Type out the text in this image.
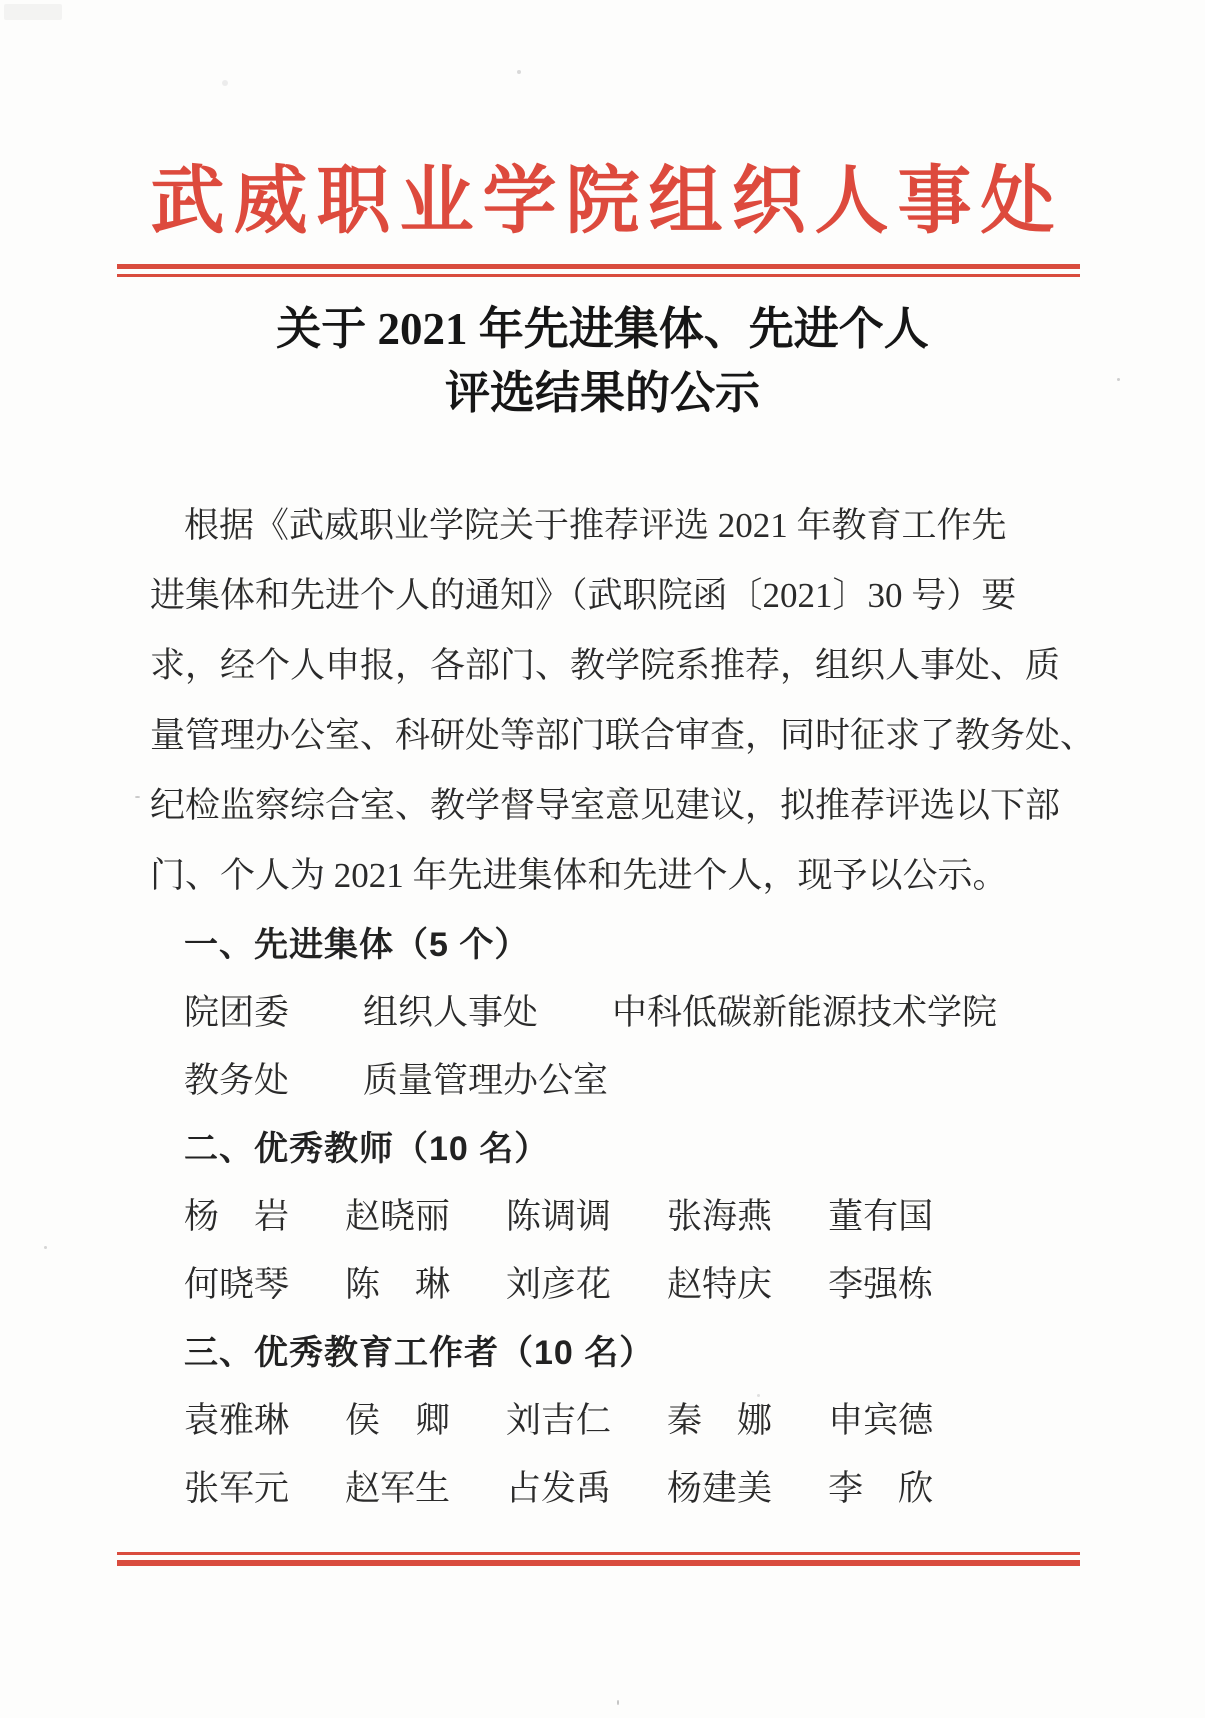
武威职业学院组织人事处
关于 2021 年先进集体、先进个人
评选结果的公示
根据《武威职业学院关于推荐评选 2021 年教育工作先
进集体和先进个人的通知》（武职院函〔2021〕30 号）要
求，经个人申报，各部门、教学院系推荐，组织人事处、质
量管理办公室、科研处等部门联合审查，同时征求了教务处、
纪检监察综合室、教学督导室意见建议，拟推荐评选以下部
门、个人为 2021 年先进集体和先进个人，现予以公示。
一、先进集体（5 个）
院团委 组织人事处 中科低碳新能源技术学院
教务处 质量管理办公室
二、优秀教师（10 名）
杨　岩 赵晓丽 陈调调 张海燕 董有国
何晓琴 陈　琳 刘彦花 赵特庆 李强栋
三、优秀教育工作者（10 名）
袁雅琳 侯　卿 刘吉仁 秦　娜 申宾德
张军元 赵军生 占发禹 杨建美 李　欣
